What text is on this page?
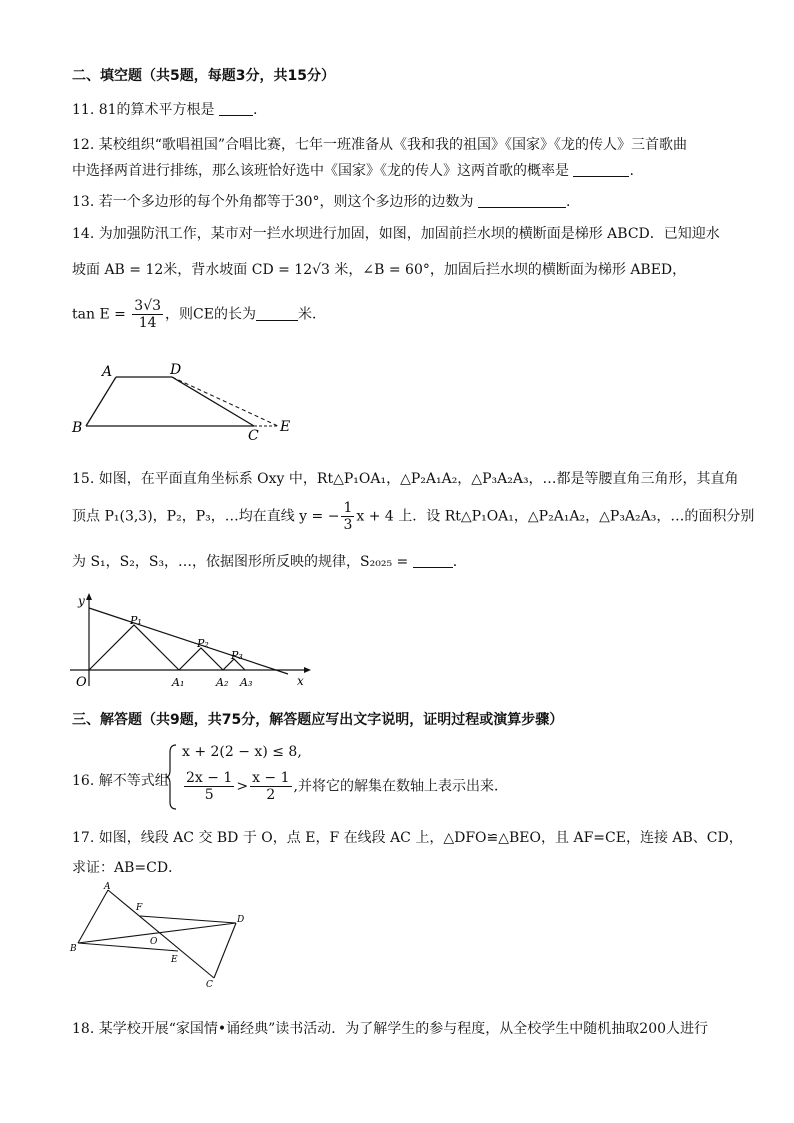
二、填空题（共5题，每题3分，共15分）
11. 81的算术平方根是	.
12. 某校组织“歌唱祖国”合唱比赛，七年一班准备从《我和我的祖国》《国家》《龙的传人》三首歌曲
中选择两首进行排练，那么该班恰好选中《国家》《龙的传人》这两首歌的概率是	.
13. 若一个多边形的每个外角都等于30°，则这个多边形的边数为	.
14. 为加强防汛工作，某市对一拦水坝进行加固，如图，加固前拦水坝的横断面是梯形 ABCD．已知迎水
坡面 AB = 12米，背水坡面 CD = 12√3 米，∠B = 60°，加固后拦水坝的横断面为梯形 ABED，
$\tan E = \frac{3√3}{14}$ ，则CE的长为	米．
A	D
B	C
E
15. 如图，在平面直角坐标系 Oxy 中，Rt△P₁OA₁，△P₂A₁A₂，△P₃A₂A₃，…都是等腰直角三角形，其直角
顶点 P₁(3,3)，P₂，P₃，…均在直线 y = − $\frac{1}{3}$ x + 4 上．设 Rt△P₁OA₁，△P₂A₁A₂，△P₃A₂A₃，…的面积分别
为 S₁，S₂，S₃，…，依据图形所反映的规律，S₂₀₂₅ =	.
y
x
O
P₁
P₂
P₃
A₁	A₂ A₃
三、解答题（共9题，共75分，解答题应写出文字说明，证明过程或演算步骤）
16. 解不等式组
x + 2(2 − x) ≤ 8,
$\frac{2x - 1}{5} > \frac{x - 1}{2}$ ,并将它的解集在数轴上表示出来．
17. 如图，线段 AC 交 BD 于 O，点 E，F 在线段 AC 上，△DFO≌△BEO，且 AF=CE，连接 AB、CD，
求证：AB=CD．
A
F
D
B
O
E
C
18. 某学校开展“家国情•诵经典”读书活动．为了解学生的参与程度，从全校学生中随机抽取200人进行
